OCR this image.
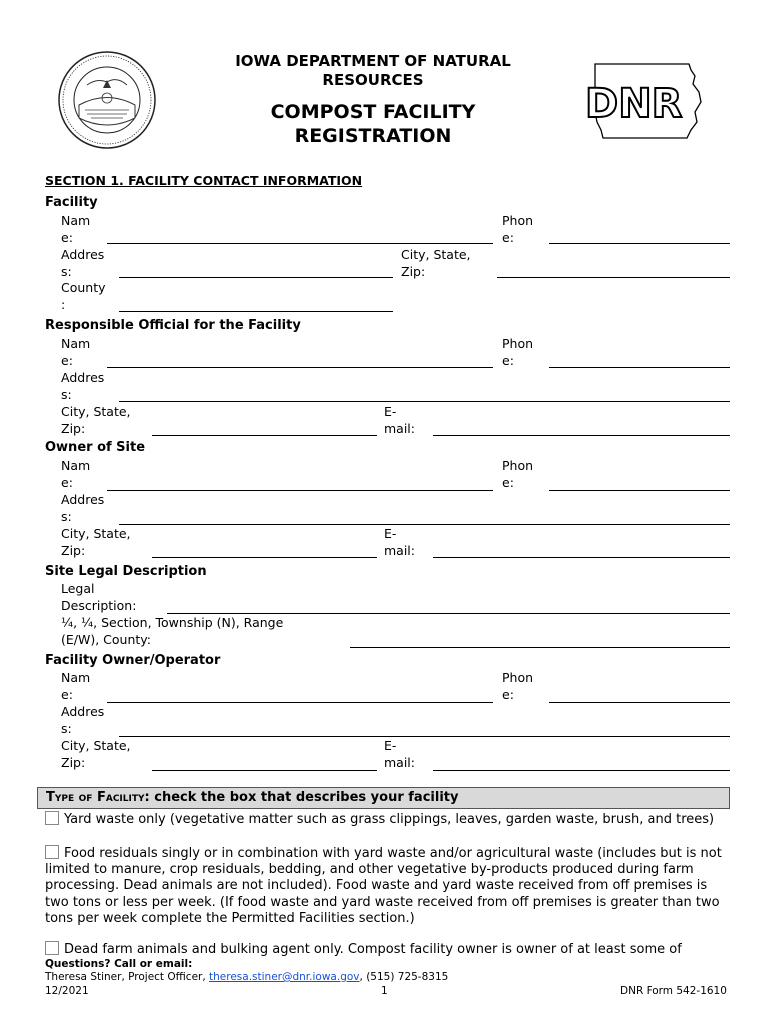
IOWA DEPARTMENT OF NATURAL RESOURCES
COMPOST FACILITY REGISTRATION
DNR
SECTION 1. FACILITY CONTACT INFORMATION
Facility
Nam
e:
Phon
e:
Addres
s:
City, State,
Zip:
County
:
Responsible Official for the Facility
Nam
e:
Phon
e:
Addres
s:
City, State,
Zip:
E-
mail:
Owner of Site
Nam
e:
Phon
e:
Addres
s:
City, State,
Zip:
E-
mail:
Site Legal Description
Legal
Description:
¼, ¼, Section, Township (N), Range
(E/W), County:
Facility Owner/Operator
Nam
e:
Phon
e:
Addres
s:
City, State,
Zip:
E-
mail:
Type of Facility: check the box that describes your facility
Yard waste only (vegetative matter such as grass clippings, leaves, garden waste, brush, and trees)
Food residuals singly or in combination with yard waste and/or agricultural waste (includes but is not limited to manure, crop residuals, bedding, and other vegetative by-products produced during farm processing. Dead animals are not included). Food waste and yard waste received from off premises is two tons or less per week. (If food waste and yard waste received from off premises is greater than two tons per week complete the Permitted Facilities section.)
Dead farm animals and bulking agent only. Compost facility owner is owner of at least some of
Questions? Call or email:
Theresa Stiner, Project Officer, theresa.stiner@dnr.iowa.gov, (515) 725-8315
12/2021	1	DNR Form 542-1610
